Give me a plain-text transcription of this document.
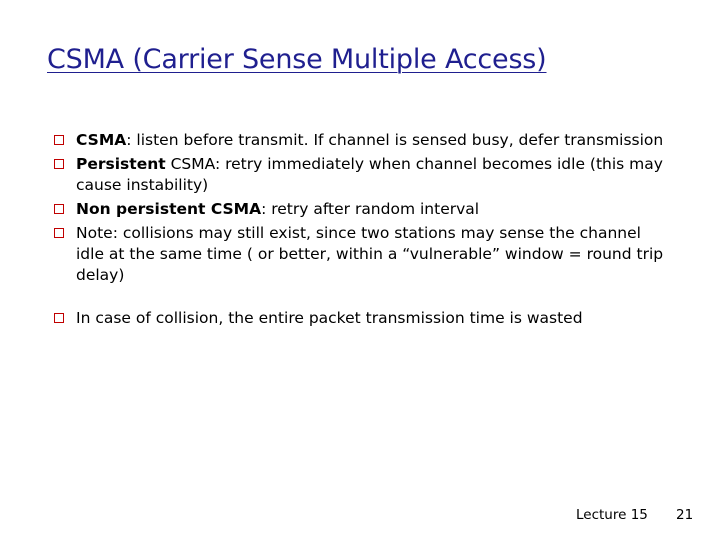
CSMA (Carrier Sense Multiple Access)
CSMA: listen before transmit. If channel is sensed busy, defer transmission
Persistent CSMA: retry immediately when channel becomes idle (this may cause instability)
Non persistent CSMA: retry after random interval
Note: collisions may still exist, since two stations may sense the channel idle at the same time ( or better, within a “vulnerable” window = round trip delay)
In case of collision, the entire packet transmission time is wasted
Lecture 15 21
